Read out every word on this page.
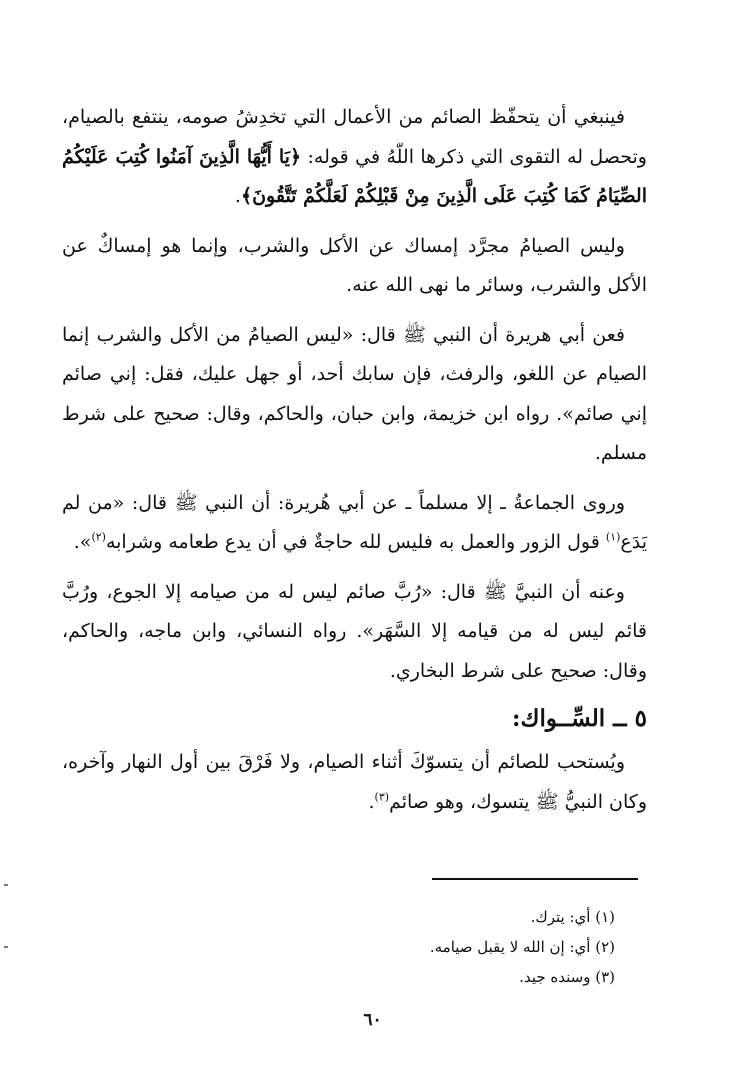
فينبغي أن يتحفّظ الصائم من الأعمال التي تخدِشُ صومه، ينتفع بالصيام، وتحصل له التقوى التي ذكرها اللّهُ في قوله: ﴿يَا أَيُّهَا الَّذِينَ آمَنُوا كُتِبَ عَلَيْكُمُ الصِّيَامُ كَمَا كُتِبَ عَلَى الَّذِينَ مِنْ قَبْلِكُمْ لَعَلَّكُمْ تَتَّقُونَ﴾.

وليس الصيامُ مجرَّد إمساك عن الأكل والشرب، وإنما هو إمساكٌ عن الأكل والشرب، وسائر ما نهى الله عنه.

فعن أبي هريرة أن النبي ﷺ قال: «ليس الصيامُ من الأكل والشرب إنما الصيام عن اللغو، والرفث، فإن سابك أحد، أو جهل عليك، فقل: إني صائم إني صائم». رواه ابن خزيمة، وابن حبان، والحاكم، وقال: صحيح على شرط مسلم.

وروى الجماعةُ ـ إلا مسلماً ـ عن أبي هُريرة: أن النبي ﷺ قال: «من لم يَدَع$^{(١)}$ قول الزور والعمل به فليس لله حاجةٌ في أن يدع طعامه وشرابه$^{(٢)}$».

وعنه أن النبيَّ ﷺ قال: «رُبَّ صائم ليس له من صيامه إلا الجوع، ورُبَّ قائم ليس له من قيامه إلا السَّهَر». رواه النسائي، وابن ماجه، والحاكم، وقال: صحيح على شرط البخاري.

٥ ــ السِّــواك:

ويُستحب للصائم أن يتسوّكَ أثناء الصيام، ولا فَرْقَ بين أول النهار وآخره، وكان النبيُّ ﷺ يتسوك، وهو صائم$^{(٣)}$.

(١) أي: يترك.
(٢) أي: إن الله لا يقبل صيامه.
(٣) وسنده جيد.
٦٠
